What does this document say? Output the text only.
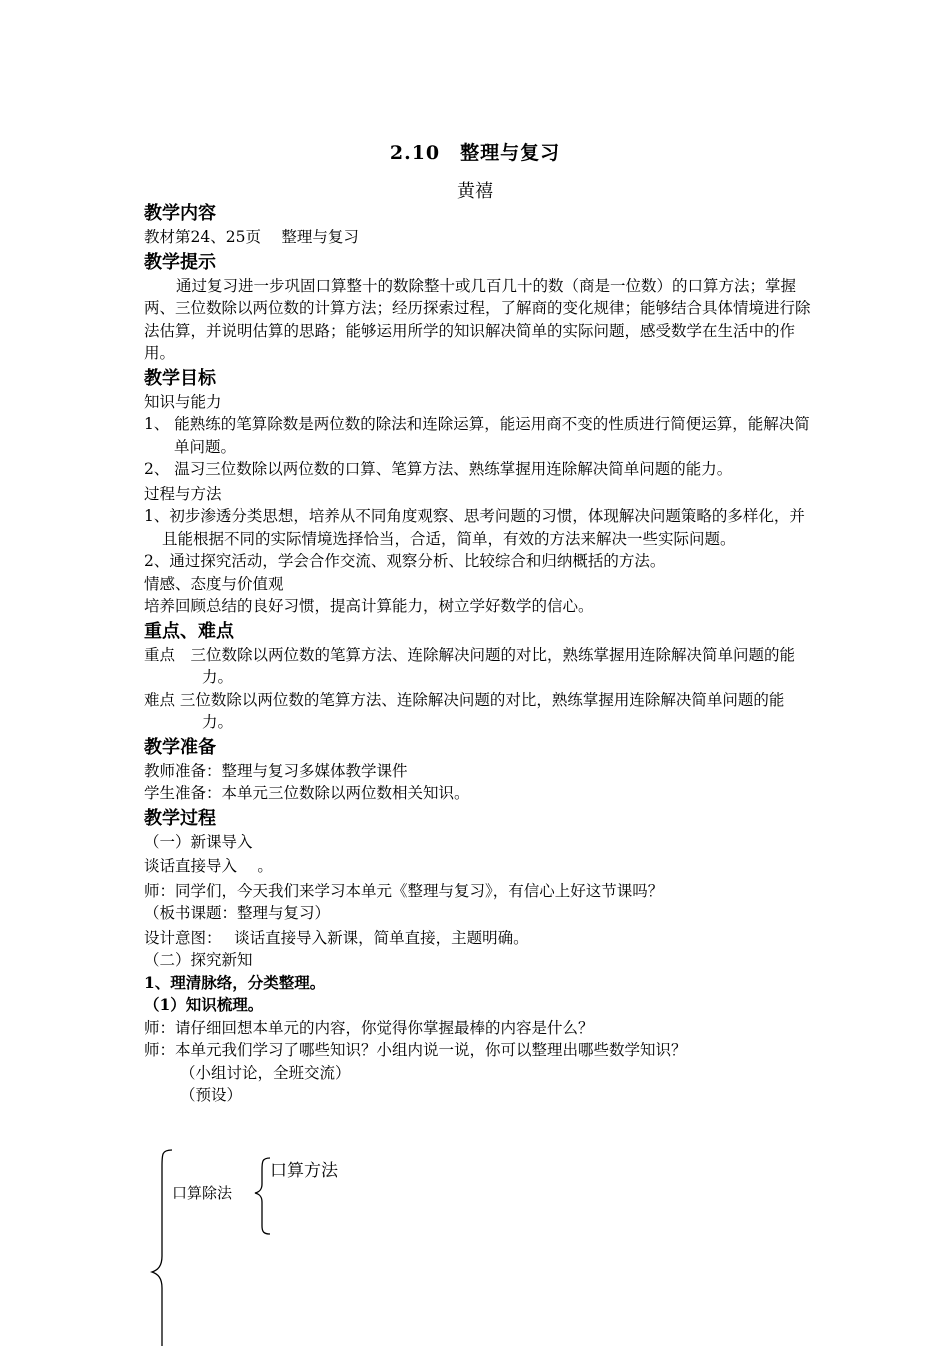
2.10　整理与复习
黄禧
教学内容

教材第24、25页　 整理与复习

教学提示

通过复习进一步巩固口算整十的数除整十或几百几十的数（商是一位数）的口算方法；掌握两、三位数除以两位数的计算方法；经历探索过程，了解商的变化规律；能够结合具体情境进行除法估算，并说明估算的思路；能够运用所学的知识解决简单的实际问题，感受数学在生活中的作用。

教学目标

知识与能力

1、 能熟练的笔算除数是两位数的除法和连除运算，能运用商不变的性质进行简便运算，能解决简单问题。

2、 温习三位数除以两位数的口算、笔算方法、熟练掌握用连除解决简单问题的能力。

过程与方法

1、初步渗透分类思想，培养从不同角度观察、思考问题的习惯，体现解决问题策略的多样化，并且能根据不同的实际情境选择恰当，合适，简单，有效的方法来解决一些实际问题。

2、通过探究活动，学会合作交流、观察分析、比较综合和归纳概括的方法。

情感、态度与价值观

培养回顾总结的良好习惯，提高计算能力，树立学好数学的信心。

重点、难点

重点　三位数除以两位数的笔算方法、连除解决问题的对比，熟练掌握用连除解决简单问题的能力。

难点 三位数除以两位数的笔算方法、连除解决问题的对比，熟练掌握用连除解决简单问题的能力。

教学准备

教师准备：整理与复习多媒体教学课件

学生准备：本单元三位数除以两位数相关知识。

教学过程

（一）新课导入

谈话直接导入　 。

师：同学们，今天我们来学习本单元《整理与复习》，有信心上好这节课吗？

（板书课题：整理与复习）

设计意图：　 谈话直接导入新课，简单直接，主题明确。

（二）探究新知

1、理清脉络，分类整理。

（1）知识梳理。

师：请仔细回想本单元的内容，你觉得你掌握最棒的内容是什么？

师：本单元我们学习了哪些知识？小组内说一说，你可以整理出哪些数学知识？

（小组讨论，全班交流）

（预设）

口算除法
口算方法
